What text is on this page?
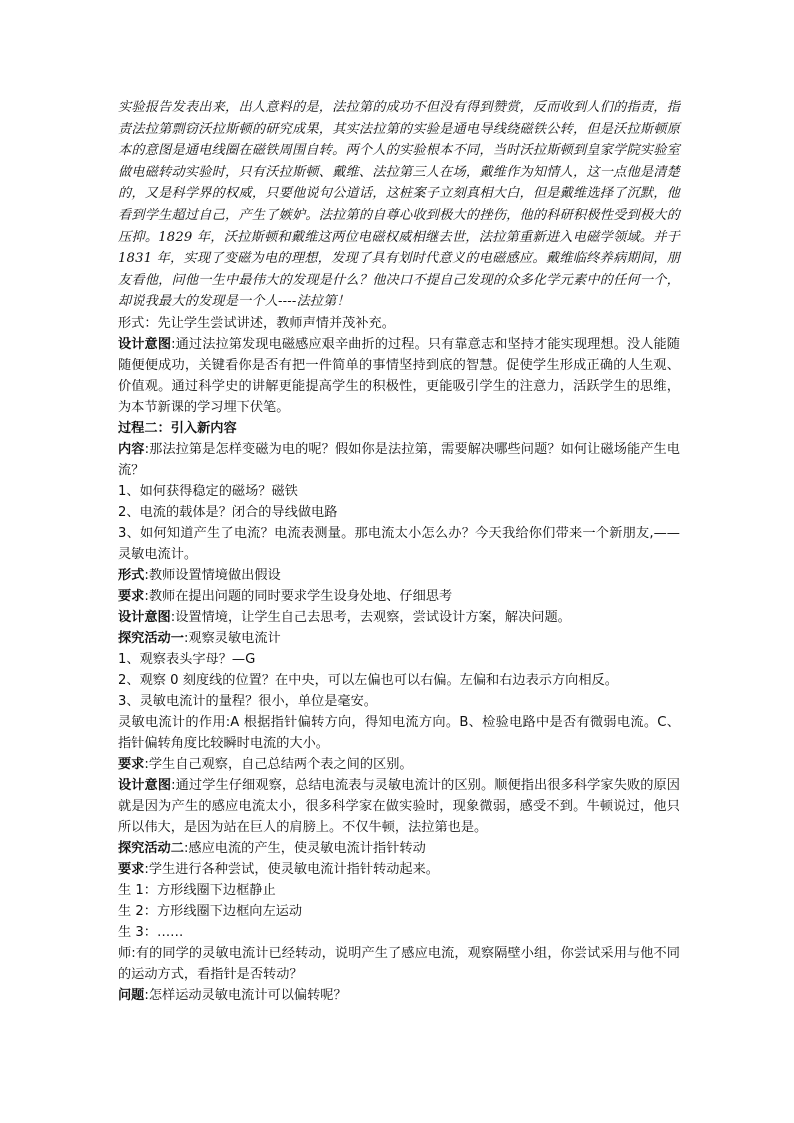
实验报告发表出来，出人意料的是，法拉第的成功不但没有得到赞赏，反而收到人们的指责，指责法拉第剽窃沃拉斯顿的研究成果，其实法拉第的实验是通电导线绕磁铁公转，但是沃拉斯顿原本的意图是通电线圈在磁铁周围自转。两个人的实验根本不同，当时沃拉斯顿到皇家学院实验室做电磁转动实验时，只有沃拉斯顿、戴维、法拉第三人在场，戴维作为知情人，这一点他是清楚的，又是科学界的权威，只要他说句公道话，这桩案子立刻真相大白，但是戴维选择了沉默，他看到学生超过自己，产生了嫉妒。法拉第的自尊心收到极大的挫伤，他的科研积极性受到极大的压抑。1829 年，沃拉斯顿和戴维这两位电磁权威相继去世，法拉第重新进入电磁学领域。并于 1831 年，实现了变磁为电的理想，发现了具有划时代意义的电磁感应。戴维临终养病期间，朋友看他，问他一生中最伟大的发现是什么？他决口不提自己发现的众多化学元素中的任何一个，却说我最大的发现是一个人----法拉第！

形式：先让学生尝试讲述，教师声情并茂补充。

设计意图:通过法拉第发现电磁感应艰辛曲折的过程。只有靠意志和坚持才能实现理想。没人能随随便便成功，关键看你是否有把一件简单的事情坚持到底的智慧。促使学生形成正确的人生观、价值观。通过科学史的讲解更能提高学生的积极性，更能吸引学生的注意力，活跃学生的思维，为本节新课的学习埋下伏笔。

过程二：引入新内容

内容:那法拉第是怎样变磁为电的呢？假如你是法拉第，需要解决哪些问题？如何让磁场能产生电流？

1、如何获得稳定的磁场？磁铁

2、电流的载体是？闭合的导线做电路

3、如何知道产生了电流？电流表测量。那电流太小怎么办？今天我给你们带来一个新朋友,——灵敏电流计。

形式:教师设置情境做出假设

要求:教师在提出问题的同时要求学生设身处地、仔细思考

设计意图:设置情境，让学生自己去思考，去观察，尝试设计方案，解决问题。

探究活动一:观察灵敏电流计

1、观察表头字母？—G

2、观察 0 刻度线的位置？在中央，可以左偏也可以右偏。左偏和右边表示方向相反。

3、灵敏电流计的量程？很小，单位是毫安。

灵敏电流计的作用:A 根据指针偏转方向，得知电流方向。B、检验电路中是否有微弱电流。C、指针偏转角度比较瞬时电流的大小。

要求:学生自己观察，自己总结两个表之间的区别。

设计意图:通过学生仔细观察，总结电流表与灵敏电流计的区别。顺便指出很多科学家失败的原因就是因为产生的感应电流太小，很多科学家在做实验时，现象微弱，感受不到。牛顿说过，他只所以伟大，是因为站在巨人的肩膀上。不仅牛顿，法拉第也是。

探究活动二:感应电流的产生，使灵敏电流计指针转动

要求:学生进行各种尝试，使灵敏电流计指针转动起来。

生 1：方形线圈下边框静止

生 2：方形线圈下边框向左运动

生 3：……

师:有的同学的灵敏电流计已经转动，说明产生了感应电流，观察隔壁小组，你尝试采用与他不同的运动方式，看指针是否转动？

问题:怎样运动灵敏电流计可以偏转呢？
